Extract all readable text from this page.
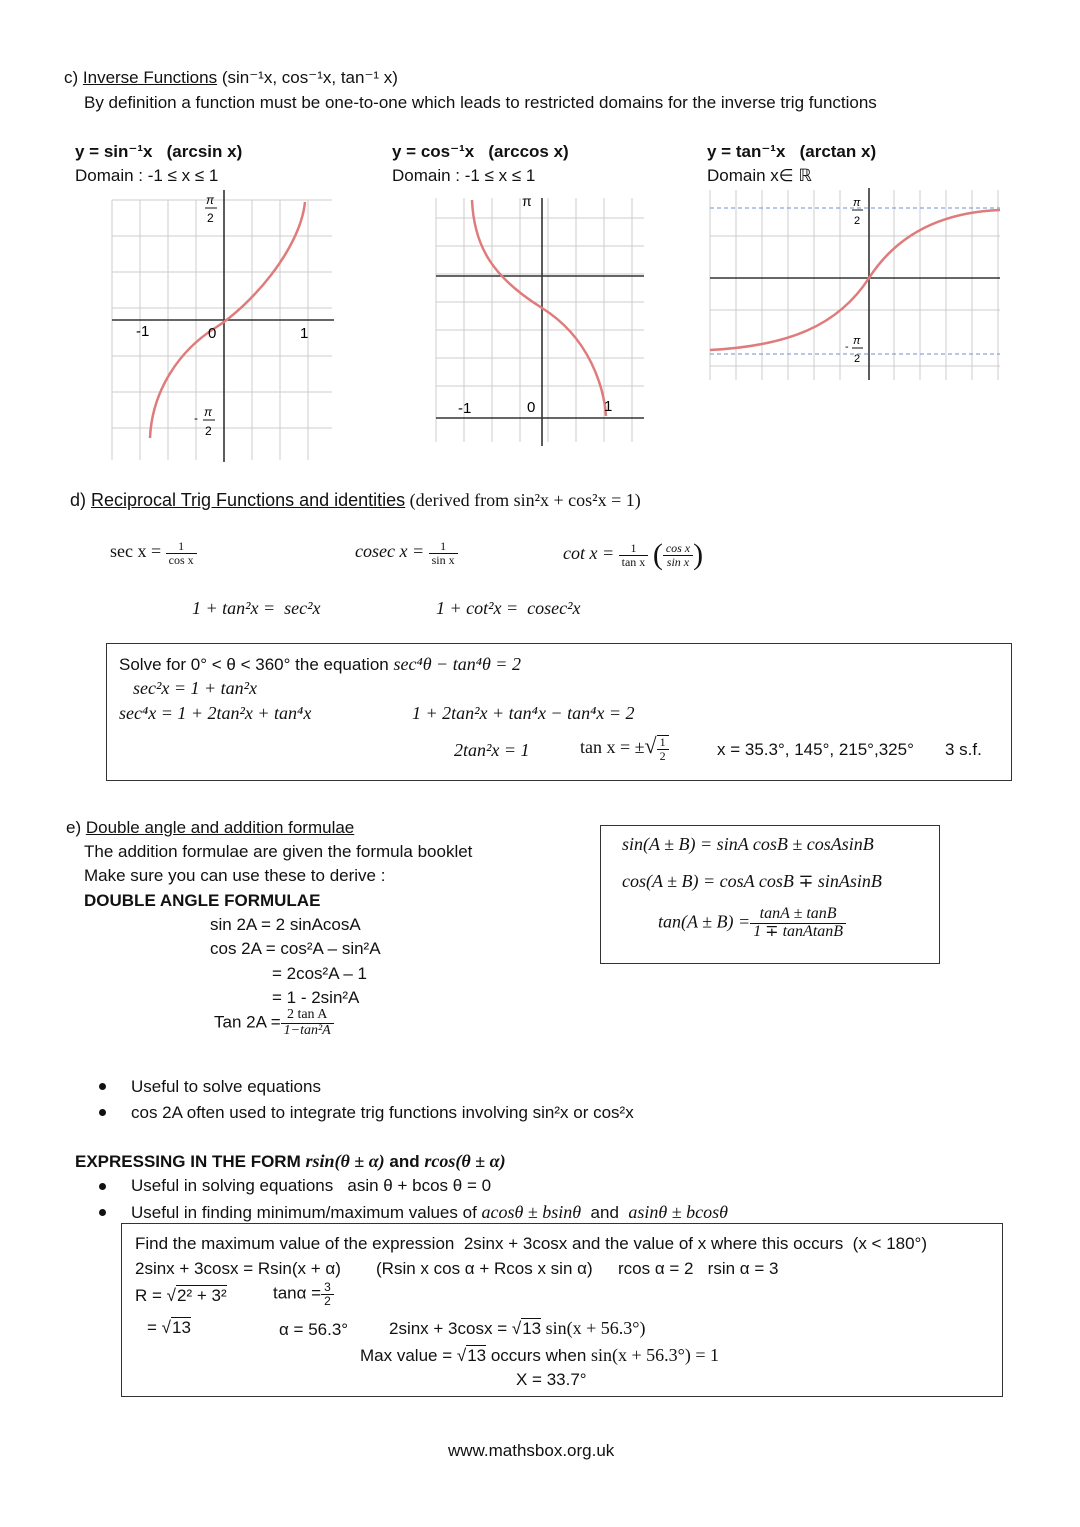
c) Inverse Functions (sin⁻¹x, cos⁻¹x, tan⁻¹ x)
By definition a function must be one-to-one which leads to restricted domains for the inverse trig functions
y = sin⁻¹x   (arcsin x)
Domain : -1 ≤ x ≤ 1
y = cos⁻¹x   (arccos x)
Domain : -1 ≤ x ≤ 1
y = tan⁻¹x   (arctan x)
Domain x∈ ℝ
π
2
-1	0	1
- π
2
π
-1	0	1
π
2
- π
2
d) Reciprocal Trig Functions and identities (derived from sin²x + cos²x = 1)
$\sec x = \frac{1}{\text{cos x}}$	cosec $x = \frac{1}{\text{sin x}}$	$\cot x = \frac{1}{\text{tan x}}$ ( $\frac{\text{cos x}}{\text{sin x}}$ )
1 + tan²x =  sec²x	1 + cot²x =  cosec²x
Solve for 0° < θ < 360° the equation sec⁴θ − tan⁴θ = 2
sec²x = 1 + tan²x
sec⁴x = 1 + 2tan²x + tan⁴x	1 + 2tan²x + tan⁴x − tan⁴x = 2
2tan²x = 1	tan x = ±√ $\frac{1}{2}$	x = 35.3°, 145°, 215°,325° 3 s.f.
e) Double angle and addition formulae
The addition formulae are given the formula booklet
Make sure you can use these to derive :
DOUBLE ANGLE FORMULAE
sin 2A = 2 sinAcosA
cos 2A = cos²A – sin²A
= 2cos²A – 1
= 1 - 2sin²A
Tan $2A = \frac{\text{2 tan A}}{\text{1−tan²A}}$
sin(A ± B) = sinA cosB ± cosAsinB
cos(A ± B) = cosA cosB ∓ sinAsinB
$\tan(A \pm B) = \frac{\tan A \pm \tan B}{\text{1 ∓ tanAtanB}}$
Useful to solve equations
cos 2A often used to integrate trig functions involving sin²x or cos²x
EXPRESSING IN THE FORM rsin(θ ± α) and rcos(θ ± α)
Useful in solving equations   asin θ + bcos θ = 0
Useful in finding minimum/maximum values of acosθ ± bsinθ and asinθ ± bcosθ
Find the maximum value of the expression  2sinx + 3cosx and the value of x where this occurs  (x < 180°)
2sinx + 3cosx = Rsin(x + α) (Rsin x cos α + Rcos x sin α) rcos α = 2   rsin α = 3
R = √2² + 3²	$\tan\alpha = \frac{3}{2}$
= √13	α = 56.3° 2sinx + 3cosx = √13 sin(x + 56.3°)
Max value = √13 occurs when sin(x + 56.3°) = 1
X = 33.7°
www.mathsbox.org.uk
